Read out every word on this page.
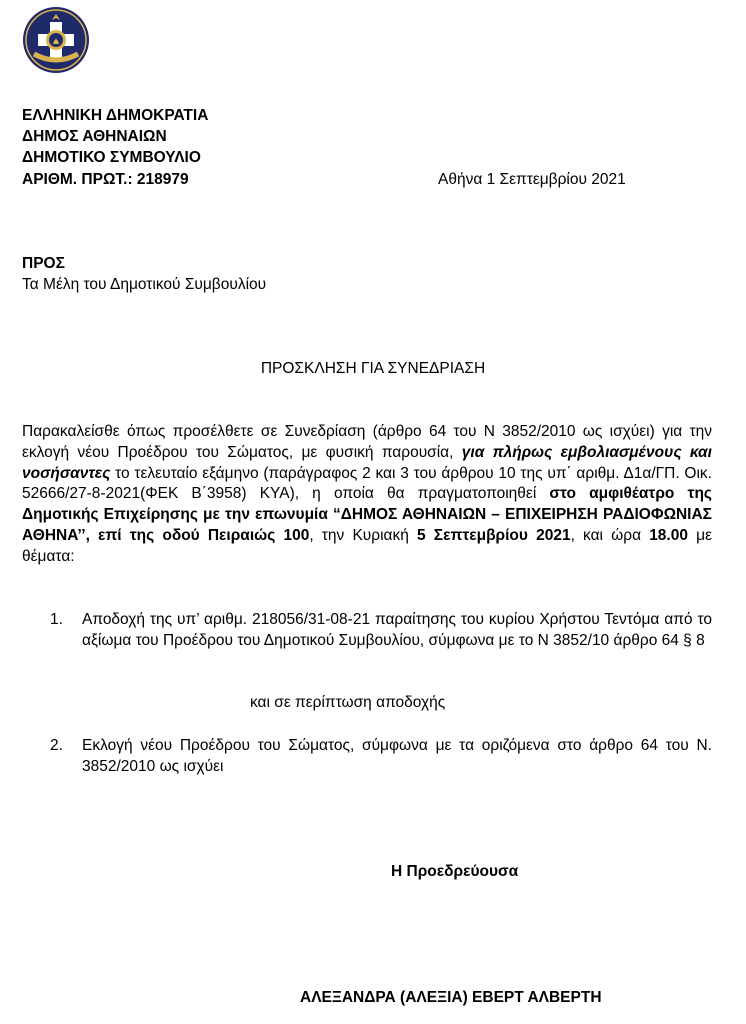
ΕΛΛΗΝΙΚΗ ΔΗΜΟΚΡΑΤΙΑ
ΔΗΜΟΣ ΑΘΗΝΑΙΩΝ
ΔΗΜΟΤΙΚΟ ΣΥΜΒΟΥΛΙΟ
ΑΡΙΘΜ. ΠΡΩΤ.: 218979	Αθήνα 1 Σεπτεμβρίου 2021
ΠΡΟΣ
Τα Μέλη του Δημοτικού Συμβουλίου
ΠΡΟΣΚΛΗΣΗ ΓΙΑ ΣΥΝΕΔΡΙΑΣΗ
Παρακαλείσθε όπως προσέλθετε σε Συνεδρίαση (άρθρο 64 του Ν 3852/2010 ως ισχύει) για την εκλογή νέου Προέδρου του Σώματος, με φυσική παρουσία, για πλήρως εμβολιασμένους και νοσήσαντες το τελευταίο εξάμηνο (παράγραφος 2 και 3 του άρθρου 10 της υπ΄ αριθμ. Δ1α/ΓΠ. Οικ. 52666/27-8-2021(ΦΕΚ Β΄3958) ΚΥΑ), η οποία θα πραγματοποιηθεί στο αμφιθέατρο της Δημοτικής Επιχείρησης με την επωνυμία “ΔΗΜΟΣ ΑΘΗΝΑΙΩΝ – ΕΠΙΧΕΙΡΗΣΗ ΡΑΔΙΟΦΩΝΙΑΣ ΑΘΗΝΑ’’, επί της οδού Πειραιώς 100, την Κυριακή 5 Σεπτεμβρίου 2021, και ώρα 18.00 με θέματα:
1.	Αποδοχή της υπ’ αριθμ. 218056/31-08-21 παραίτησης του κυρίου Χρήστου Τεντόμα από το αξίωμα του Προέδρου του Δημοτικού Συμβουλίου, σύμφωνα με το Ν 3852/10 άρθρο 64 § 8
και σε περίπτωση αποδοχής
2.	Εκλογή νέου Προέδρου του Σώματος, σύμφωνα με τα οριζόμενα στο άρθρο 64 του Ν. 3852/2010 ως ισχύει
Η Προεδρεύουσα
ΑΛΕΞΑΝΔΡΑ (ΑΛΕΞΙΑ) ΕΒΕΡΤ ΑΛΒΕΡΤΗ
